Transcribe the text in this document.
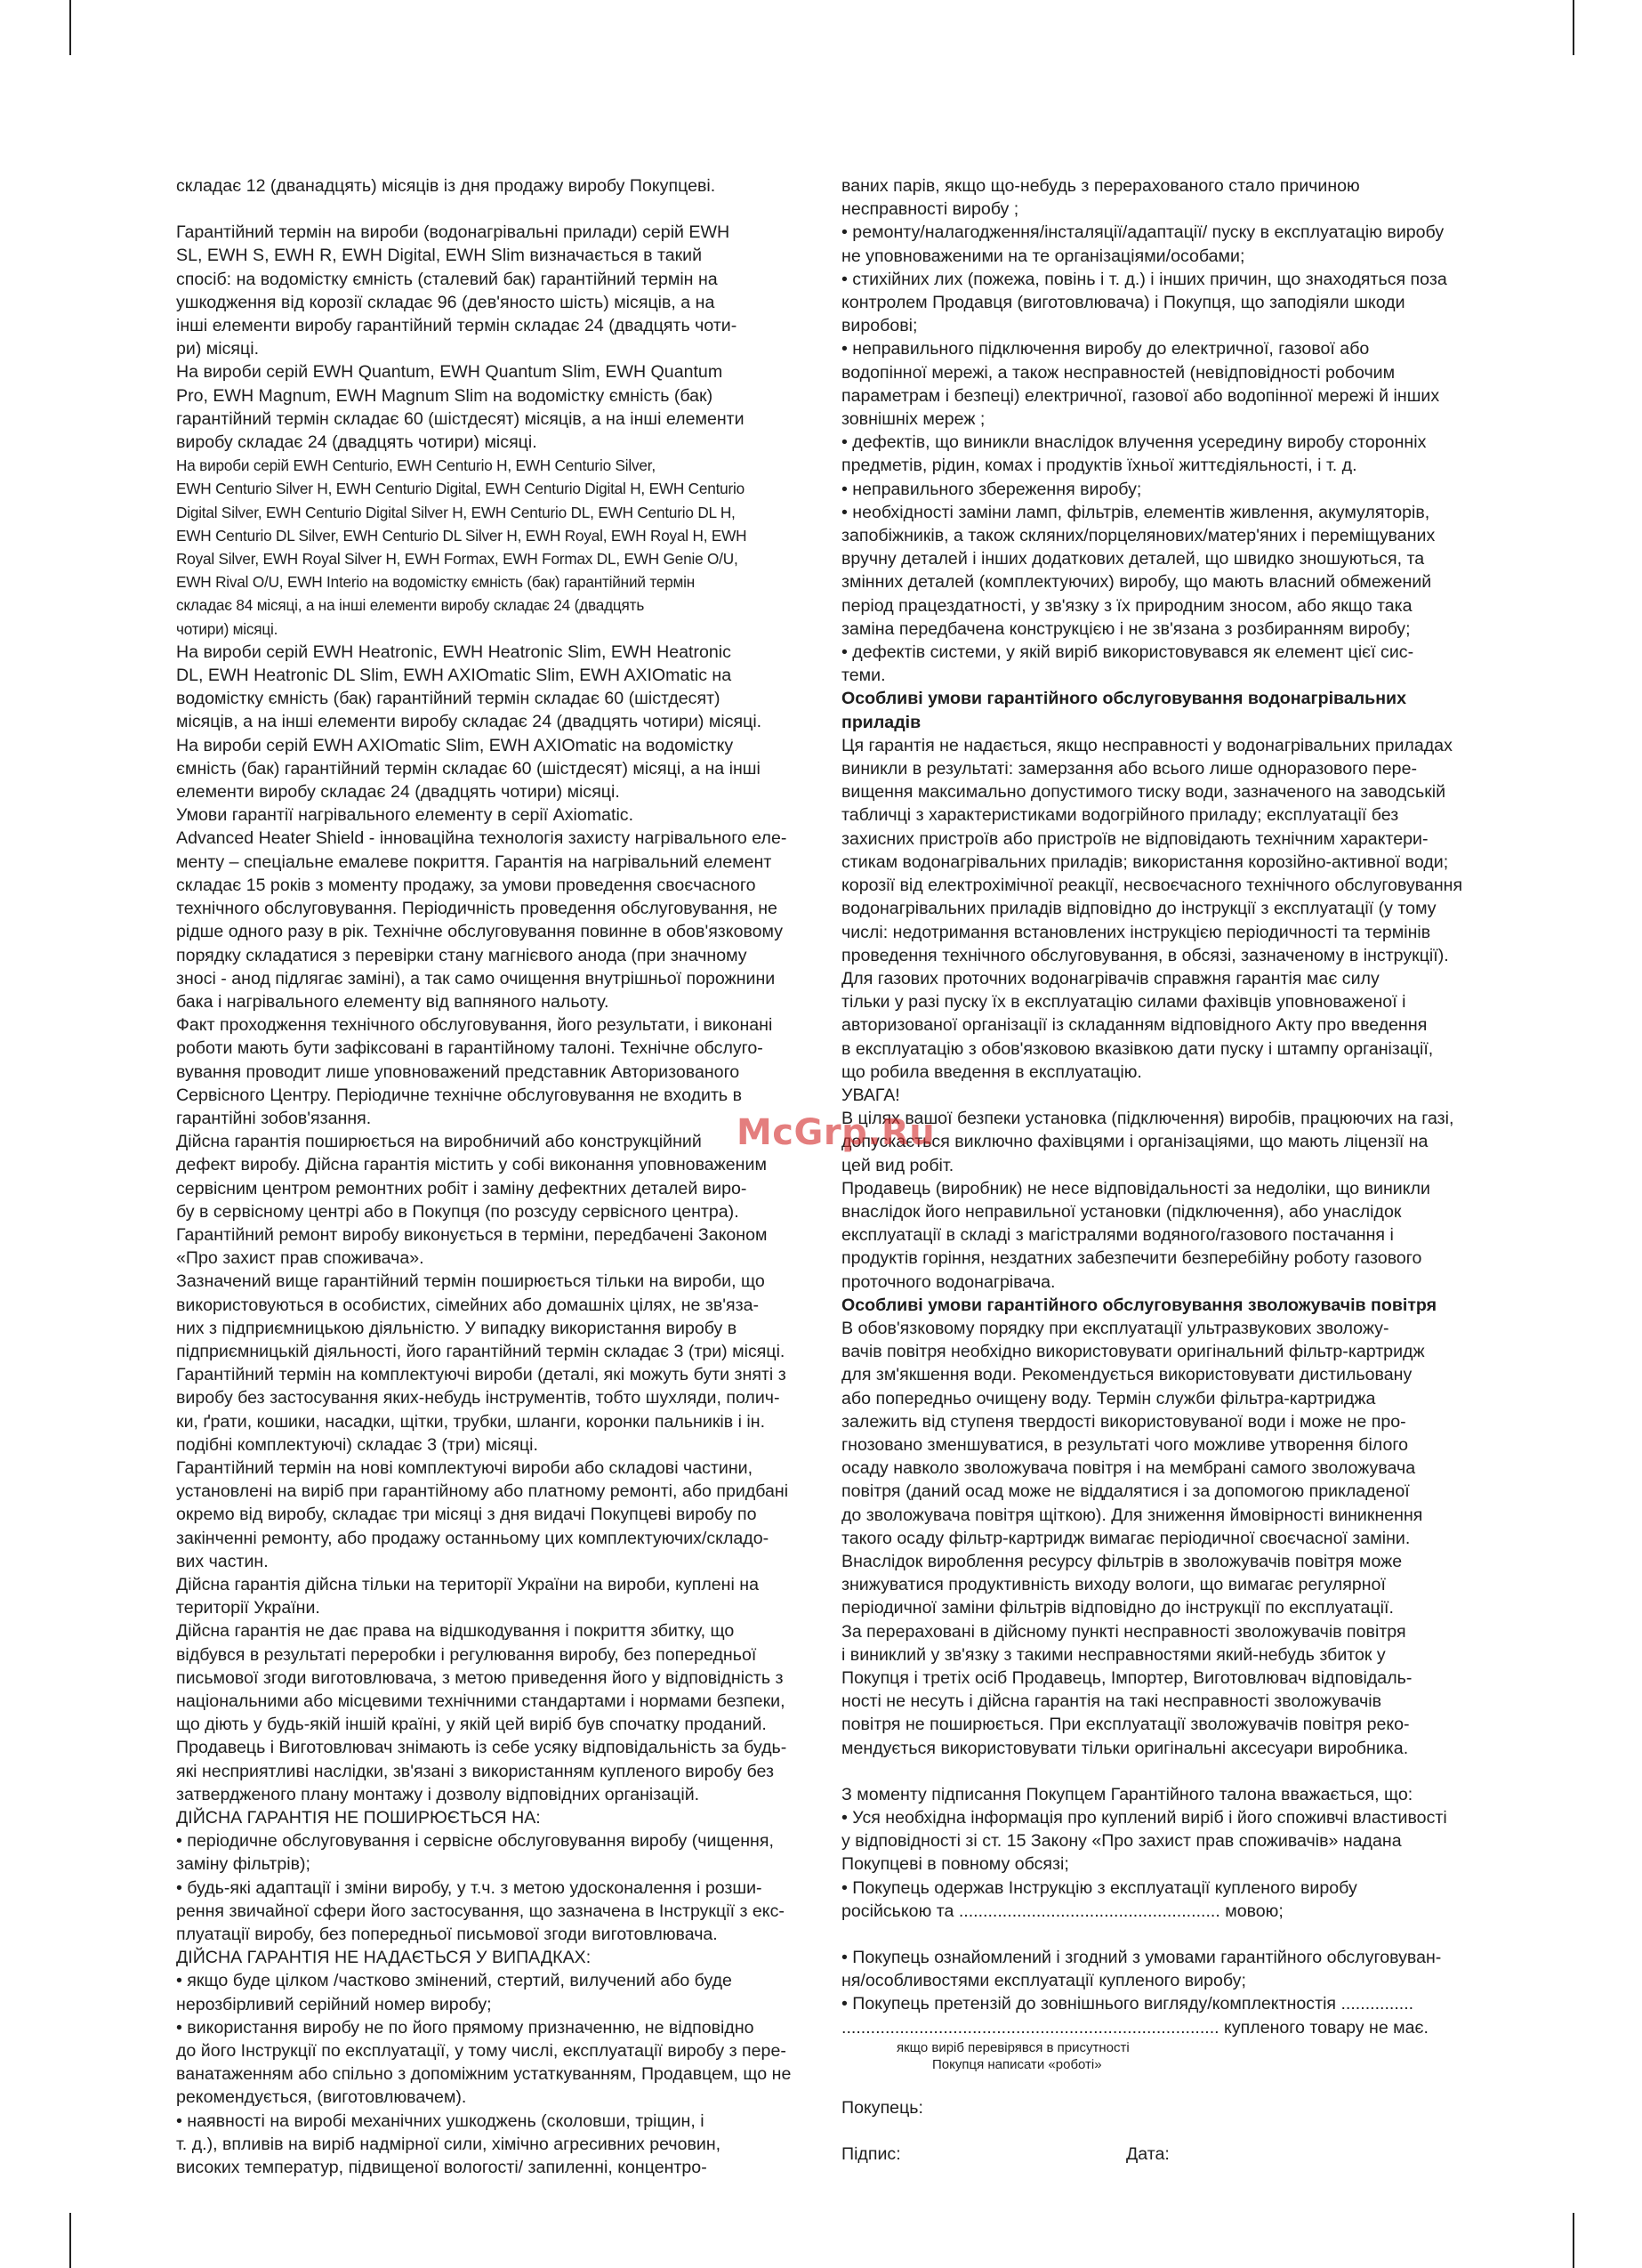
складає 12 (дванадцять) місяців із дня продажу виробу Покупцеві.

Гарантійний термін на вироби (водонагрівальні прилади) серій EWH
SL, EWH S, EWH R, EWH Digital, EWH Slim визначається в такий
спосіб: на водомістку ємність (сталевий бак) гарантійний термін на
ушкодження від корозії складає 96 (дев'яносто шість) місяців, а на
інші елементи виробу гарантійний термін складає 24 (двадцять чоти-
ри) місяці.

На вироби серій EWH Quantum, EWH Quantum Slim, EWH Quantum
Pro, EWH Magnum, EWH Magnum Slim на водомістку ємність (бак)
гарантійний термін складає 60 (шістдесят) місяців, а на інші елементи
виробу складає 24 (двадцять чотири) місяці.

На вироби серій EWH Centurio, EWH Centurio H, EWH Centurio Silver,
EWH Centurio Silver H, EWH Centurio Digital, EWH Centurio Digital H, EWH Centurio
Digital Silver, EWH Centurio Digital Silver H, EWH Centurio DL, EWH Centurio DL H,
EWH Centurio DL Silver, EWH Centurio DL Silver H, EWH Royal, EWH Royal H, EWH
Royal Silver, EWH Royal Silver H, EWH Formax, EWH Formax DL, EWH Genie O/U,
EWH Rival O/U, EWH Interio на водомістку ємність (бак) гарантійний термін
складає 84 місяці, а на інші елементи виробу складає 24 (двадцять
чотири) місяці.

На вироби серій EWH Heatronic, EWH Heatronic Slim, EWH Heatronic
DL, EWH Heatronic DL Slim, EWH AXIOmatic Slim, EWH AXIOmatic на
водомістку ємність (бак) гарантійний термін складає 60 (шістдесят)
місяців, а на інші елементи виробу складає 24 (двадцять чотири) місяці.

На вироби серій EWH AXIOmatic Slim, EWH AXIOmatic на водомістку
ємність (бак) гарантійний термін складає 60 (шістдесят) місяці, а на інші
елементи виробу складає 24 (двадцять чотири) місяці.

Умови гарантії нагрівального елементу в серії Axiomatic.

Advanced Heater Shield - інноваційна технологія захисту нагрівального еле-
менту – спеціальне емалеве покриття. Гарантія на нагрівальний елемент
складає 15 років з моменту продажу, за умови проведення своєчасного
технічного обслуговування. Періодичність проведення обслуговування, не
рідше одного разу в рік. Технічне обслуговування повинне в обов'язковому
порядку складатися з перевірки стану магнієвого анода (при значному
зносі - анод підлягає заміні), а так само очищення внутрішньої порожнини
бака і нагрівального елементу від вапняного нальоту.

Факт проходження технічного обслуговування, його результати, і виконані
роботи мають бути зафіксовані в гарантійному талоні. Технічне обслуго-
вування проводит лише уповноважений представник Авторизованого
Сервісного Центру. Періодичне технічне обслуговування не входить в
гарантійні зобов'язання.

Дійсна гарантія поширюється на виробничий або конструкційний
дефект виробу. Дійсна гарантія містить у собі виконання уповноваженим
сервісним центром ремонтних робіт і заміну дефектних деталей виро-
бу в сервісному центрі або в Покупця (по розсуду сервісного центра).
Гарантійний ремонт виробу виконується в терміни, передбачені Законом
«Про захист прав споживача».

Зазначений вище гарантійний термін поширюється тільки на вироби, що
використовуються в особистих, сімейних або домашніх цілях, не зв'яза-
них з підприємницькою діяльністю. У випадку використання виробу в
підприємницькій діяльності, його гарантійний термін складає 3 (три) місяці.

Гарантійний термін на комплектуючі вироби (деталі, які можуть бути зняті з
виробу без застосування яких-небудь інструментів, тобто шухляди, полич-
ки, ґрати, кошики, насадки, щітки, трубки, шланги, коронки пальників і ін.
подібні комплектуючі) складає 3 (три) місяці.

Гарантійний термін на нові комплектуючі вироби або складові частини,
установлені на виріб при гарантійному або платному ремонті, або придбані
окремо від виробу, складає три місяці з дня видачі Покупцеві виробу по
закінченні ремонту, або продажу останньому цих комплектуючих/складо-
вих частин.

Дійсна гарантія дійсна тільки на території України на вироби, куплені на
території України.

Дійсна гарантія не дає права на відшкодування і покриття збитку, що
відбувся в результаті переробки і регулювання виробу, без попередньої
письмової згоди виготовлювача, з метою приведення його у відповідність з
національними або місцевими технічними стандартами і нормами безпеки,
що діють у будь-якій іншій країні, у якій цей виріб був спочатку проданий.

Продавець і Виготовлювач знімають із себе усяку відповідальність за будь-
які несприятливі наслідки, зв'язані з використанням купленого виробу без
затвердженого плану монтажу і дозволу відповідних організацій.

ДІЙСНА ГАРАНТІЯ НЕ ПОШИРЮЄТЬСЯ НА:

• періодичне обслуговування і сервісне обслуговування виробу (чищення,
заміну фільтрів);

• будь-які адаптації і зміни виробу, у т.ч. з метою удосконалення і розши-
рення звичайної сфери його застосування, що зазначена в Інструкції з екс-
плуатації виробу, без попередньої письмової згоди виготовлювача.

ДІЙСНА ГАРАНТІЯ НЕ НАДАЄТЬСЯ У ВИПАДКАХ:

• якщо буде цілком /частково змінений, стертий, вилучений або буде
нерозбірливий серійний номер виробу;

• використання виробу не по його прямому призначенню, не відповідно
до його Інструкції по експлуатації, у тому числі, експлуатації виробу з пере-
ванатаженням або спільно з допоміжним устаткуванням, Продавцем, що не
рекомендується, (виготовлювачем).

• наявності на виробі механічних ушкоджень (сколовши, тріщин, і
т. д.), впливів на виріб надмірної сили, хімічно агресивних речовин,
високих температур, підвищеної вологості/ запиленні, концентро-

ваних парів, якщо що-небудь з перерахованого стало причиною
несправності виробу ;

• ремонту/налагодження/інсталяції/адаптації/ пуску в експлуатацію виробу
не уповноваженими на те організаціями/особами;

• стихійних лих (пожежа, повінь і т. д.) і інших причин, що знаходяться поза
контролем Продавця (виготовлювача) і Покупця, що заподіяли шкоди
виробові;

• неправильного підключення виробу до електричної, газової або
водопінної мережі, а також несправностей (невідповідності робочим
параметрам і безпеці) електричної, газової або водопінної мережі й інших
зовнішніх мереж ;

• дефектів, що виникли внаслідок влучення усередину виробу сторонніх
предметів, рідин, комах і продуктів їхньої життєдіяльності, і т. д.

• неправильного збереження виробу;

• необхідності заміни ламп, фільтрів, елементів живлення, акумуляторів,
запобіжників, а також скляних/порцелянових/матер'яних і переміщуваних
вручну деталей і інших додаткових деталей, що швидко зношуються, та
змінних деталей (комплектуючих) виробу, що мають власний обмежений
період працездатності, у зв'язку з їх природним зносом, або якщо така
заміна передбачена конструкцією і не зв'язана з розбиранням виробу;

• дефектів системи, у якій виріб використовувався як елемент цієї сис-
теми.

Особливі умови гарантійного обслуговування водонагрівальних
приладів

Ця гарантія не надається, якщо несправності у водонагрівальних приладах
виникли в результаті: замерзання або всього лише одноразового пере-
вищення максимально допустимого тиску води, зазначеного на заводській
табличці з характеристиками водогрійного приладу; експлуатації без
захисних пристроїв або пристроїв не відповідають технічним характери-
стикам водонагрівальних приладів; використання корозійно-активної води;
корозії від електрохімічної реакції, несвоєчасного технічного обслуговування
водонагрівальних приладів відповідно до інструкції з експлуатації (у тому
числі: недотримання встановлених інструкцією періодичності та термінів
проведення технічного обслуговування, в обсязі, зазначеному в інструкції).

Для газових проточних водонагрівачів справжня гарантія має силу
тільки у разі пуску їх в експлуатацію силами фахівців уповноваженої і
авторизованої організації із складанням відповідного Акту про введення
в експлуатацію з обов'язковою вказівкою дати пуску і штампу організації,
що робила введення в експлуатацію.

УВАГА!

В цілях вашої безпеки установка (підключення) виробів, працюючих на газі,
допускається виключно фахівцями і організаціями, що мають ліцензії на
цей вид робіт.

Продавець (виробник) не несе відповідальності за недоліки, що виникли
внаслідок його неправильної установки (підключення), або унаслідок
експлуатації в складі з магістралями водяного/газового постачання і
продуктів горіння, нездатних забезпечити безперебійну роботу газового
проточного водонагрівача.

Особливі умови гарантійного обслуговування зволожувачів повітря

В обов'язковому порядку при експлуатації ультразвукових зволожу-
вачів повітря необхідно використовувати оригінальний фільтр-картридж
для зм'якшення води. Рекомендується використовувати дистильовану
або попередньо очищену воду. Термін служби фільтра-картриджа
залежить від ступеня твердості використовуваної води і може не про-
гнозовано зменшуватися, в результаті чого можливе утворення білого
осаду навколо зволожувача повітря і на мембрані самого зволожувача
повітря (даний осад може не віддалятися і за допомогою прикладеної
до зволожувача повітря щіткою). Для зниження ймовірності виникнення
такого осаду фільтр-картридж вимагає періодичної своєчасної заміни.
Внаслідок вироблення ресурсу фільтрів в зволожувачів повітря може
знижуватися продуктивність виходу вологи, що вимагає регулярної
періодичної заміни фільтрів відповідно до інструкції по експлуатації.

За перераховані в дійсному пункті несправності зволожувачів повітря
і виниклий у зв'язку з такими несправностями який-небудь збиток у
Покупця і третіх осіб Продавець, Імпортер, Виготовлювач відповідаль-
ності не несуть і дійсна гарантія на такі несправності зволожувачів
повітря не поширюється. При експлуатації зволожувачів повітря реко-
мендується використовувати тільки оригінальні аксесуари виробника.

З моменту підписання Покупцем Гарантійного талона вважається, що:

• Уся необхідна інформація про куплений виріб і його споживчі властивості
у відповідності зі ст. 15 Закону «Про захист прав споживачів» надана
Покупцеві в повному обсязі;

• Покупець одержав Інструкцію з експлуатації купленого виробу
російською та ...................................................... мовою;

• Покупець ознайомлений і згодний з умовами гарантійного обслуговуван-
ня/особливостями експлуатації купленого виробу;

• Покупець претензій до зовнішнього вигляду/комплектностія ...............
.............................................................................. купленого товару не має.

якщо виріб перевірявся в присутності

Покупця написати «роботі»

Покупець:

Підпис:	Дата:
McGrp.Ru
